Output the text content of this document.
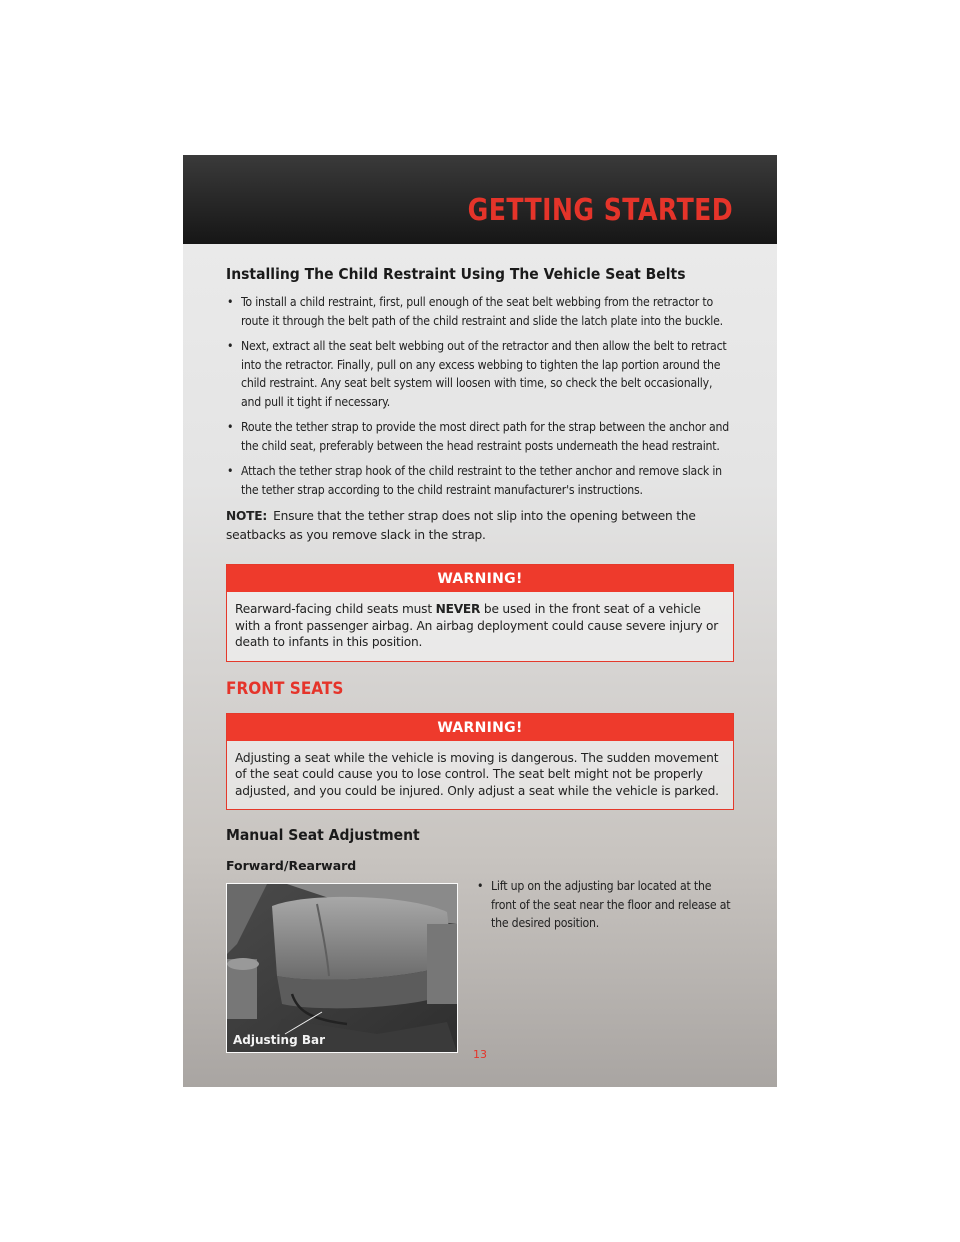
GETTING STARTED
Installing The Child Restraint Using The Vehicle Seat Belts
• To install a child restraint, first, pull enough of the seat belt webbing from the retractor to route it through the belt path of the child restraint and slide the latch plate into the buckle.
• Next, extract all the seat belt webbing out of the retractor and then allow the belt to retract into the retractor. Finally, pull on any excess webbing to tighten the lap portion around the child restraint. Any seat belt system will loosen with time, so check the belt occasionally, and pull it tight if necessary.
• Route the tether strap to provide the most direct path for the strap between the anchor and the child seat, preferably between the head restraint posts underneath the head restraint.
• Attach the tether strap hook of the child restraint to the tether anchor and remove slack in the tether strap according to the child restraint manufacturer's instructions.

NOTE: Ensure that the tether strap does not slip into the opening between the seatbacks as you remove slack in the strap.

WARNING!
Rearward-facing child seats must NEVER be used in the front seat of a vehicle with a front passenger airbag. An airbag deployment could cause severe injury or death to infants in this position.
FRONT SEATS
WARNING!
Adjusting a seat while the vehicle is moving is dangerous. The sudden movement of the seat could cause you to lose control. The seat belt might not be properly adjusted, and you could be injured. Only adjust a seat while the vehicle is parked.
Manual Seat Adjustment
Forward/Rearward
Adjusting Bar
• Lift up on the adjusting bar located at the front of the seat near the floor and release at the desired position.
13
